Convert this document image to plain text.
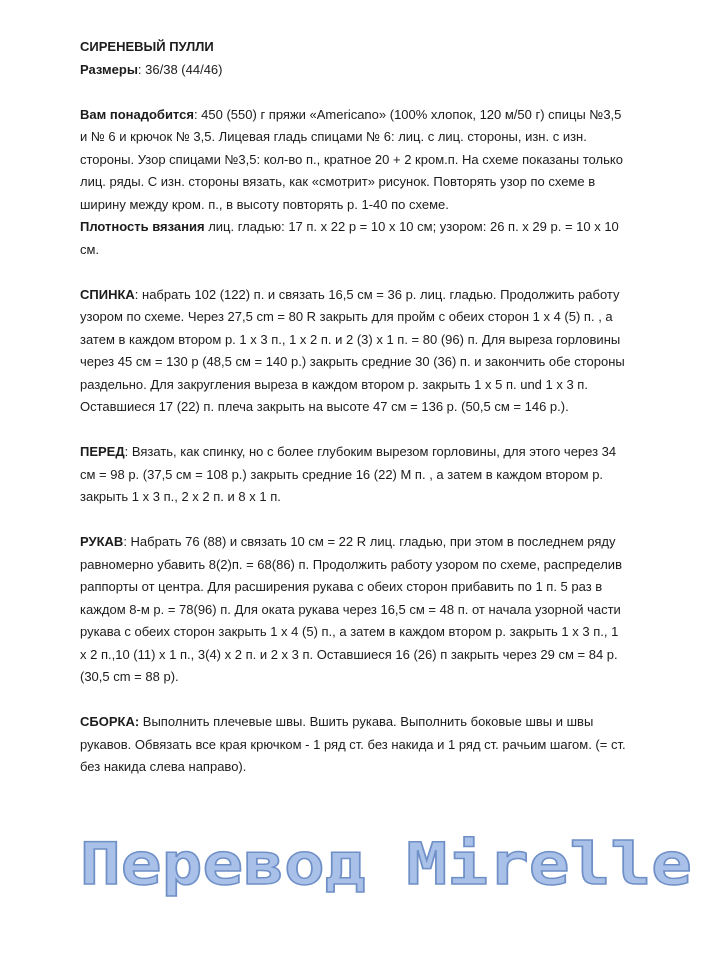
СИРЕНЕВЫЙ ПУЛЛИ
Размеры: 36/38 (44/46)
Вам понадобится: 450 (550) г пряжи «Americano» (100% хлопок, 120 м/50 г) спицы №3,5
и № 6 и крючок № 3,5. Лицевая гладь спицами № 6: лиц. с лиц. стороны, изн. с изн.
стороны. Узор спицами №3,5: кол-во п., кратное 20 + 2 кром.п. На схеме показаны только
лиц. ряды. С изн. стороны вязать, как «смотрит» рисунок. Повторять узор по схеме в
ширину между кром. п., в высоту повторять р. 1-40 по схеме.
Плотность вязания лиц. гладью: 17 п. х 22 р = 10 х 10 см; узором: 26 п. х 29 р. = 10 х 10
см.
СПИНКА: набрать 102 (122) п. и связать 16,5 см = 36 р. лиц. гладью. Продолжить работу
узором по схеме. Через 27,5 cm = 80 R закрыть для пройм с обеих сторон 1 х 4 (5) п. , а
затем в каждом втором р. 1 х 3 п., 1 х 2 п. и 2 (3) х 1 п. = 80 (96) п. Для выреза горловины
через 45 см = 130 р (48,5 см = 140 р.) закрыть средние 30 (36) п. и закончить обе стороны
раздельно. Для закругления выреза в каждом втором р. закрыть 1 х 5 п. und 1 х 3 п.
Оставшиеся 17 (22) п. плеча закрыть на высоте 47 см = 136 р. (50,5 см = 146 р.).
ПЕРЕД: Вязать, как спинку, но с более глубоким вырезом горловины, для этого через 34
см = 98 р. (37,5 см = 108 р.) закрыть средние 16 (22) М п. , а затем в каждом втором р.
закрыть 1 х 3 п., 2 х 2 п. и 8 х 1 п.
РУКАВ: Набрать 76 (88) и связать 10 см = 22 R лиц. гладью, при этом в последнем ряду
равномерно убавить 8(2)п. = 68(86) п. Продолжить работу узором по схеме, распределив
раппорты от центра. Для расширения рукава с обеих сторон прибавить по 1 п. 5 раз в
каждом 8-м р. = 78(96) п. Для оката рукава через 16,5 см = 48 п. от начала узорной части
рукава с обеих сторон закрыть 1 х 4 (5) п., а затем в каждом втором р. закрыть 1 х 3 п., 1
х 2 п.,10 (11) х 1 п., 3(4) х 2 п. и 2 х 3 п. Оставшиеся 16 (26) п закрыть через 29 см = 84 р.
(30,5 cm = 88 р).
СБОРКА: Выполнить плечевые швы. Вшить рукава. Выполнить боковые швы и швы
рукавов. Обвязать все края крючком - 1 ряд ст. без накида и 1 ряд ст. рачьим шагом. (= ст.
без накида слева направо).
Перевод Mirelle
